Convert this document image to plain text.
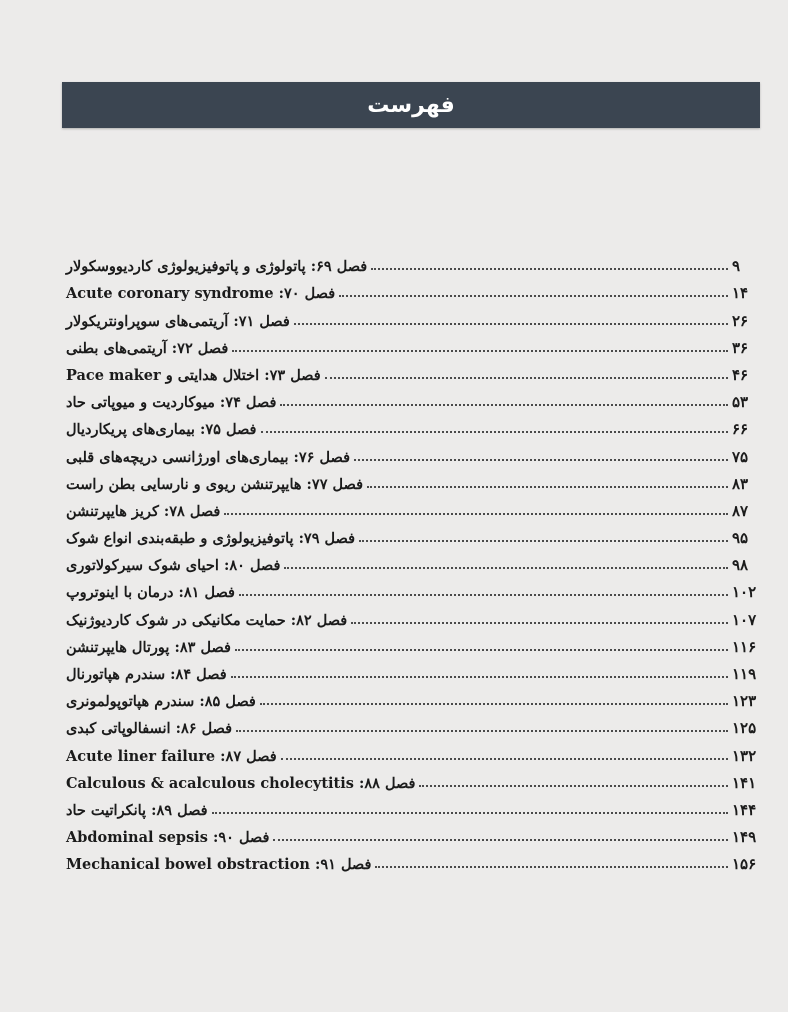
فهرست
فصل ۶۹: پاتولوژی و پاتوفیزیولوژی کاردیووسکولار	۹
فصل ۷۰: Acute coronary syndrome	۱۴
فصل ۷۱: آریتمی‌های سوپراونتریکولار	۲۶
فصل ۷۲: آریتمی‌های بطنی	۳۶
فصل ۷۳: اختلال هدایتی و Pace maker	۴۶
فصل ۷۴: میوکاردیت و میوپاتی حاد	۵۳
فصل ۷۵: بیماری‌های پریکاردیال	۶۶
فصل ۷۶: بیماری‌های اورژانسی دریچه‌های قلبی	۷۵
فصل ۷۷: هایپرتنشن ریوی و نارسایی بطن راست	۸۳
فصل ۷۸: کریز هایپرتنشن	۸۷
فصل ۷۹: پاتوفیزیولوژی و طبقه‌بندی انواع شوک	۹۵
فصل ۸۰: احیای شوک سیرکولاتوری	۹۸
فصل ۸۱: درمان با اینوتروپ	۱۰۲
فصل ۸۲: حمایت مکانیکی در شوک کاردیوژنیک	۱۰۷
فصل ۸۳: پورتال هایپرتنشن	۱۱۶
فصل ۸۴: سندرم هپاتورنال	۱۱۹
فصل ۸۵: سندرم هپاتوپولمونری	۱۲۳
فصل ۸۶: انسفالوپاتی کبدی	۱۲۵
فصل ۸۷: Acute liner failure	۱۳۲
فصل ۸۸: Calculous & acalculous cholecytitis	۱۴۱
فصل ۸۹: پانکراتیت حاد	۱۴۴
فصل ۹۰: Abdominal sepsis	۱۴۹
فصل ۹۱: Mechanical bowel obstraction	۱۵۶
